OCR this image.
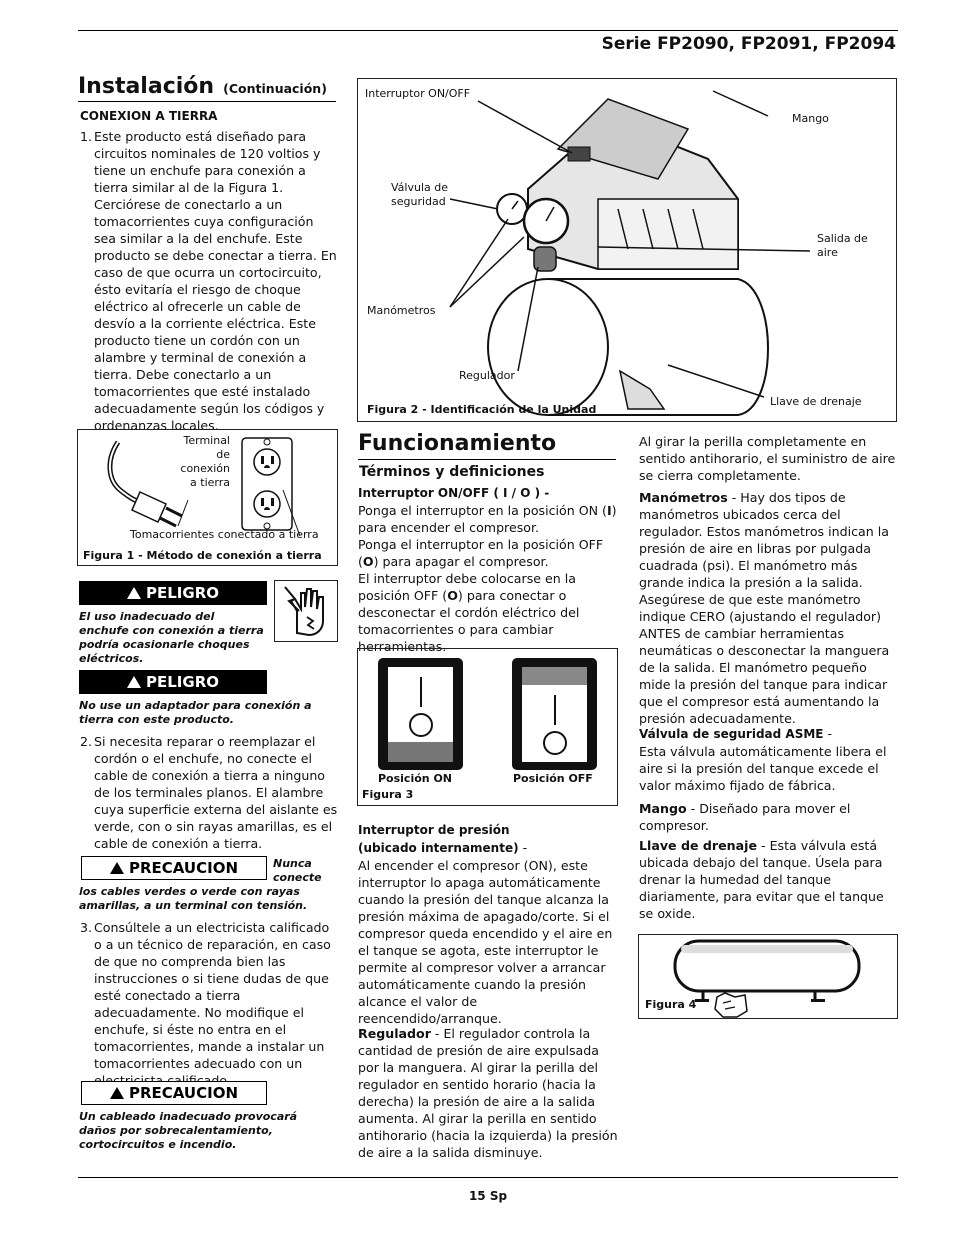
Serie FP2090, FP2091, FP2094
Instalación (Continuación)
CONEXION A TIERRA
1. Este producto está diseñado para circuitos nominales de 120 voltios y tiene un enchufe para conexión a tierra similar al de la Figura 1. Cerciórese de conectarlo a un tomacorrientes cuya configuración sea similar a la del enchufe. Este producto se debe conectar a tierra. En caso de que ocurra un cortocircuito, ésto evitaría el riesgo de choque eléctrico al ofrecerle un cable de desvío a la corriente eléctrica. Este producto tiene un cordón con un alambre y terminal de conexión a tierra. Debe conectarlo a un tomacorrientes que esté instalado adecuadamente según los códigos y ordenanzas locales.
Terminal de conexión a tierra
Tomacorrientes conectado a tierra
Figura 1 - Método de conexión a tierra
PELIGRO
El uso inadecuado del enchufe con conexión a tierra podría ocasionarle choques eléctricos.
PELIGRO
No use un adaptador para conexión a tierra con este producto.
2. Si necesita reparar o reemplazar el cordón o el enchufe, no conecte el cable de conexión a tierra a ninguno de los terminales planos. El alambre cuya superficie externa del aislante es verde, con o sin rayas amarillas, es el cable de conexión a tierra.
PRECAUCION	Nunca conecte
los cables verdes o verde con rayas amarillas, a un terminal con tensión.
3. Consúltele a un electricista calificado o a un técnico de reparación, en caso de que no comprenda bien las instrucciones o si tiene dudas de que esté conectado a tierra adecuadamente. No modifique el enchufe, si éste no entra en el tomacorrientes, mande a instalar un tomacorrientes adecuado con un
PRECAUCION
Un cableado inadecuado provocará daños por sobrecalentamiento, cortocircuitos e incendio.
Interruptor ON/OFF
Mango
Válvula de seguridad
Salida de aire
Manómetros
Regulador
Llave de drenaje
Figura 2 - Identificación de la Unidad
Funcionamiento
Términos y definiciones
Interruptor ON/OFF ( I / O ) -
Ponga el interruptor en la posición ON (I) para encender el compresor.
Ponga el interruptor en la posición OFF (O) para apagar el compresor.
El interruptor debe colocarse en la posición OFF (O) para conectar o desconectar el cordón eléctrico del tomacorrientes o para cambiar herramientas.
Posición ON	Posición OFF
Figura 3
Interruptor de presión
(ubicado internamente) -
Al encender el compresor (ON), este interruptor lo apaga automáticamente cuando la presión del tanque alcanza la presión máxima de apagado/corte. Si el compresor queda encendido y el aire en el tanque se agota, este interruptor le permite al compresor volver a arrancar automáticamente cuando la presión alcance el valor de reencendido/arranque.
Regulador - El regulador controla la cantidad de presión de aire expulsada por la manguera. Al girar la perilla del regulador en sentido horario (hacia la derecha) la presión de aire a la salida aumenta. Al girar la perilla en sentido antihorario (hacia la izquierda) la presión de aire a la salida disminuye.
Al girar la perilla completamente en sentido antihorario, el suministro de aire se cierra completamente.
Manómetros - Hay dos tipos de manómetros ubicados cerca del regulador. Estos manómetros indican la presión de aire en libras por pulgada cuadrada (psi). El manómetro más grande indica la presión a la salida. Asegúrese de que este manómetro indique CERO (ajustando el regulador) ANTES de cambiar herramientas neumáticas o desconectar la manguera de la salida. El manómetro pequeño mide la presión del tanque para indicar que el compresor está aumentando la presión adecuadamente.
Válvula de seguridad ASME -
Esta válvula automáticamente libera el aire si la presión del tanque excede el valor máximo fijado de fábrica.
Mango - Diseñado para mover el compresor.
Llave de drenaje - Esta válvula está ubicada debajo del tanque. Úsela para drenar la humedad del tanque diariamente, para evitar que el tanque se oxide.
Figura 4
15 Sp
